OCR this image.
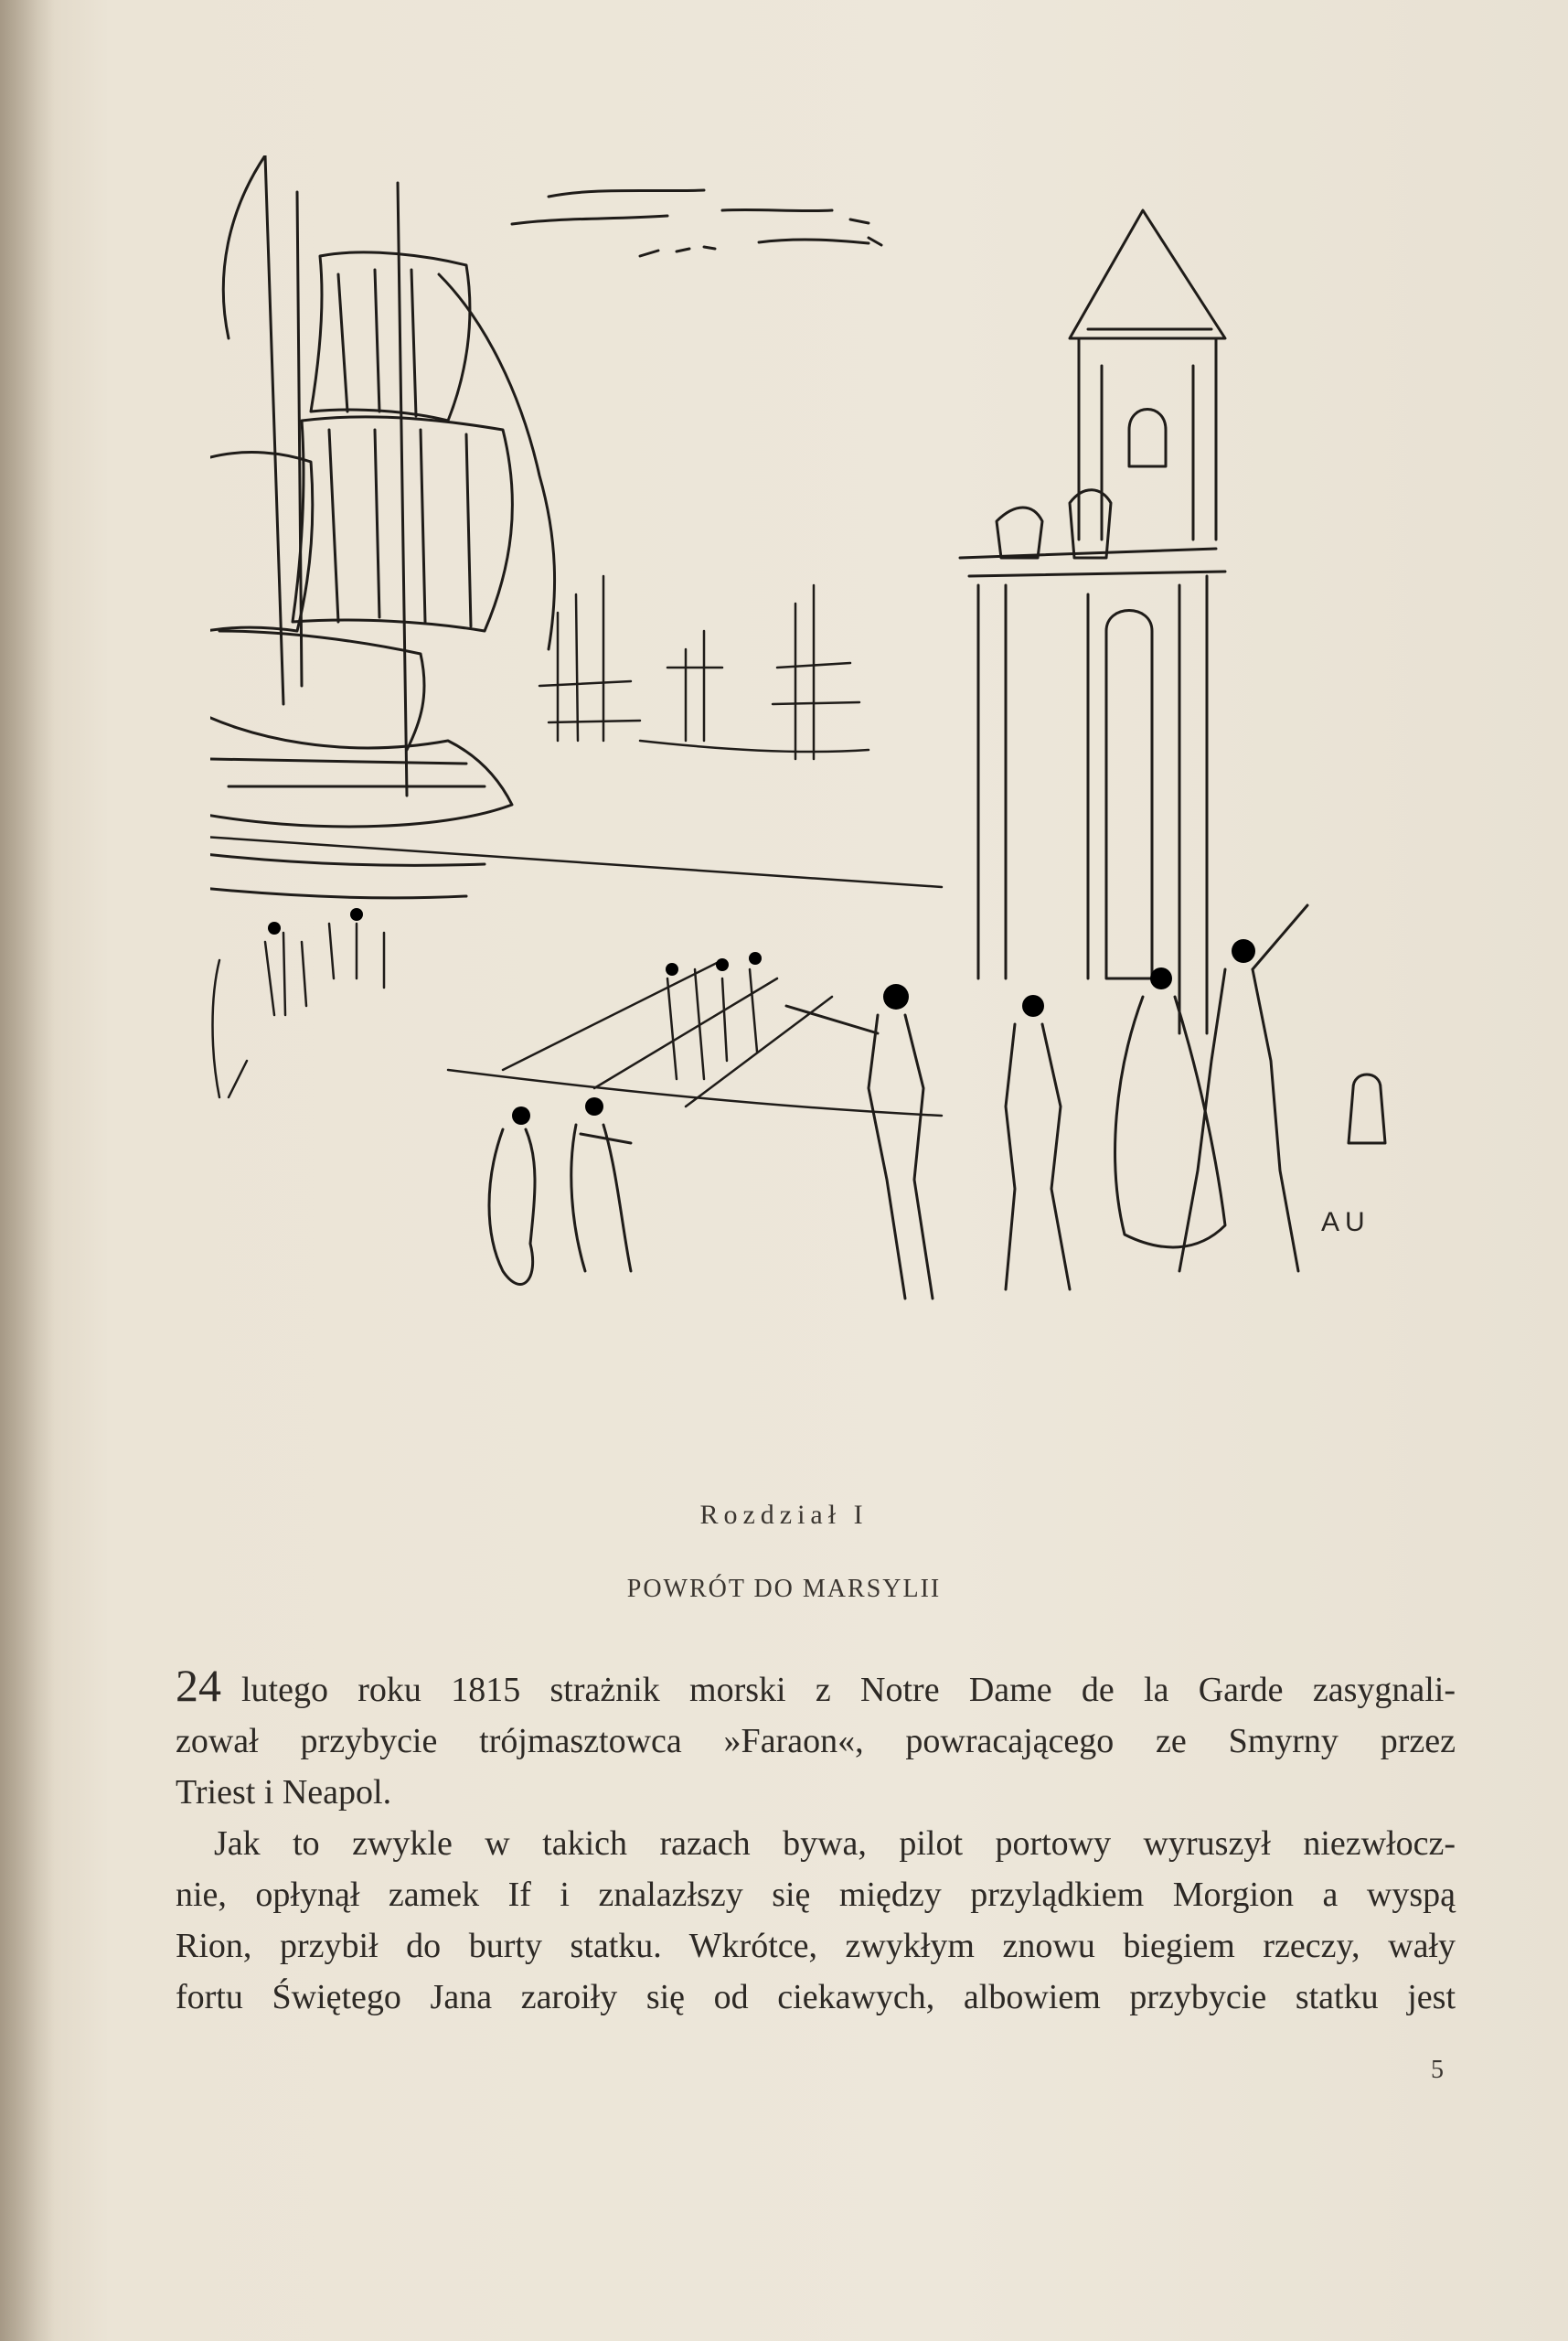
AU
Rozdział I
POWRÓT DO MARSYLII

24 lutego roku 1815 strażnik morski z Notre Dame de la Garde zasygnali-
zował przybycie trójmasztowca »Faraon«, powracającego ze Smyrny przez
Triest i Neapol.

Jak to zwykle w takich razach bywa, pilot portowy wyruszył niezwłocz-
nie, opłynął zamek If i znalazłszy się między przylądkiem Morgion a wyspą
Rion, przybił do burty statku. Wkrótce, zwykłym znowu biegiem rzeczy, wały
fortu Świętego Jana zaroiły się od ciekawych, albowiem przybycie statku jest

5
